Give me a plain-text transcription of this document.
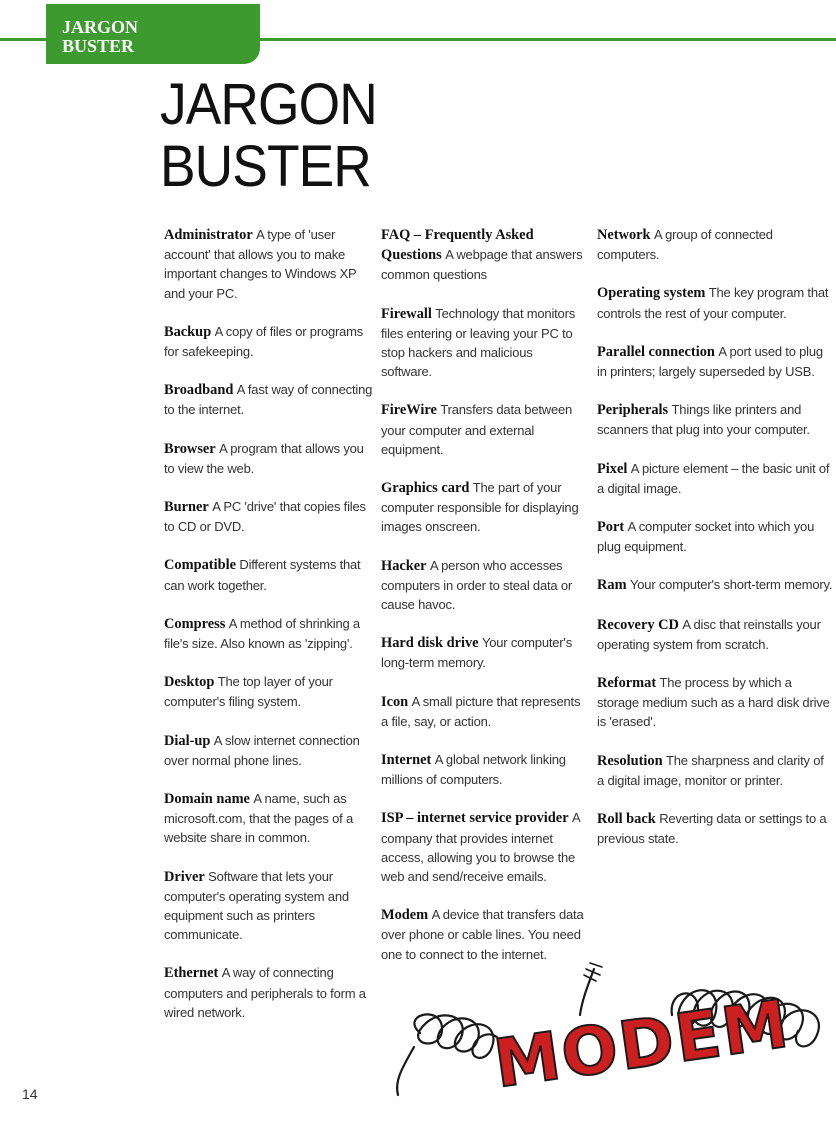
JARGON
BUSTER
JARGON
BUSTER
Administrator A type of 'user account' that allows you to make important changes to Windows XP and your PC.
Backup A copy of files or programs for safekeeping.
Broadband A fast way of connecting to the internet.
Browser A program that allows you to view the web.
Burner A PC 'drive' that copies files to CD or DVD.
Compatible Different systems that can work together.
Compress A method of shrinking a file's size. Also known as 'zipping'.
Desktop The top layer of your computer's filing system.
Dial-up A slow internet connection over normal phone lines.
Domain name A name, such as microsoft.com, that the pages of a website share in common.
Driver Software that lets your computer's operating system and equipment such as printers communicate.
Ethernet A way of connecting computers and peripherals to form a wired network.
FAQ – Frequently Asked Questions A webpage that answers common questions
Firewall Technology that monitors files entering or leaving your PC to stop hackers and malicious software.
FireWire Transfers data between your computer and external equipment.
Graphics card The part of your computer responsible for displaying images onscreen.
Hacker A person who accesses computers in order to steal data or cause havoc.
Hard disk drive Your computer's long-term memory.
Icon A small picture that represents a file, say, or action.
Internet A global network linking millions of computers.
ISP – internet service provider A company that provides internet access, allowing you to browse the web and send/receive emails.
Modem A device that transfers data over phone or cable lines. You need one to connect to the internet.
Network A group of connected computers.
Operating system The key program that controls the rest of your computer.
Parallel connection A port used to plug in printers; largely superseded by USB.
Peripherals Things like printers and scanners that plug into your computer.
Pixel A picture element – the basic unit of a digital image.
Port A computer socket into which you plug equipment.
Ram Your computer's short-term memory.
Recovery CD A disc that reinstalls your operating system from scratch.
Reformat The process by which a storage medium such as a hard disk drive is 'erased'.
Resolution The sharpness and clarity of a digital image, monitor or printer.
Roll back Reverting data or settings to a previous state.
MODEM
14
